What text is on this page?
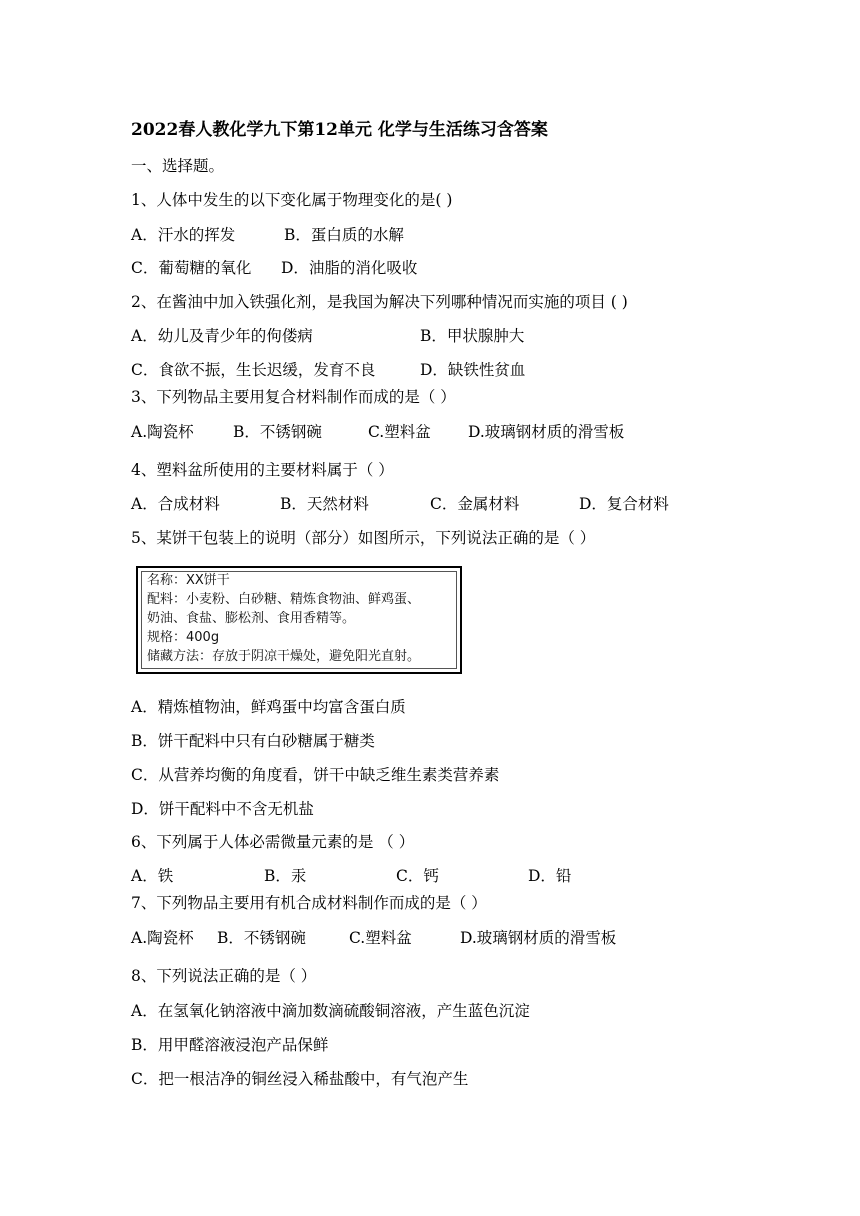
2022春人教化学九下第12单元 化学与生活练习含答案
一、选择题。
1、人体中发生的以下变化属于物理变化的是( )
A．汗水的挥发	B．蛋白质的水解
C．葡萄糖的氧化 D．油脂的消化吸收
2、在酱油中加入铁强化剂，是我国为解决下列哪种情况而实施的项目 ( )
A．幼儿及青少年的佝偻病	B．甲状腺肿大
C．食欲不振，生长迟缓，发育不良	D．缺铁性贫血
3、下列物品主要用复合材料制作而成的是（ ）
A.陶瓷杯	B．不锈钢碗	C.塑料盆 D.玻璃钢材质的滑雪板
4、塑料盆所使用的主要材料属于（ ）
A．合成材料	B．天然材料	C．金属材料	D．复合材料
5、某饼干包装上的说明（部分）如图所示，下列说法正确的是（ ）
名称：XX饼干
配料：小麦粉、白砂糖、精炼食物油、鲜鸡蛋、
奶油、食盐、膨松剂、食用香精等。
规格：400g
储藏方法：存放于阴凉干燥处，避免阳光直射。
A．精炼植物油，鲜鸡蛋中均富含蛋白质
B．饼干配料中只有白砂糖属于糖类
C．从营养均衡的角度看，饼干中缺乏维生素类营养素
D．饼干配料中不含无机盐
6、下列属于人体必需微量元素的是 （ ）
A．铁	B．汞	C．钙	D．铅
7、下列物品主要用有机合成材料制作而成的是（ ）
A.陶瓷杯 B．不锈钢碗	C.塑料盆	D.玻璃钢材质的滑雪板
8、下列说法正确的是（ ）
A．在氢氧化钠溶液中滴加数滴硫酸铜溶液，产生蓝色沉淀
B．用甲醛溶液浸泡产品保鲜
C．把一根洁净的铜丝浸入稀盐酸中，有气泡产生
